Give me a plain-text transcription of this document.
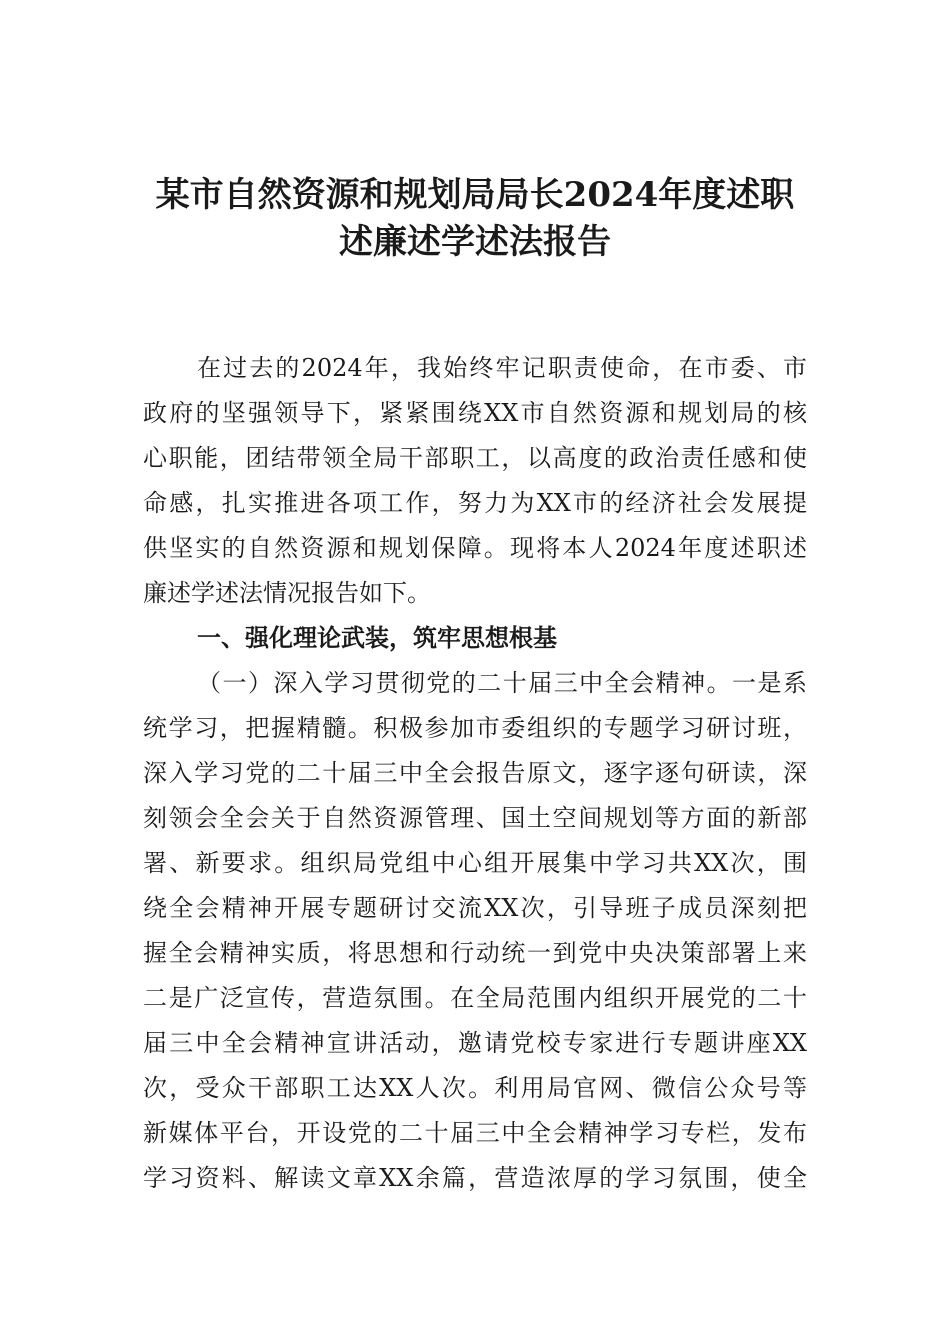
某市自然资源和规划局局长2024年度述职
述廉述学述法报告
在过去的2024年，我始终牢记职责使命，在市委、市
政府的坚强领导下，紧紧围绕XX市自然资源和规划局的核
心职能，团结带领全局干部职工，以高度的政治责任感和使
命感，扎实推进各项工作，努力为XX市的经济社会发展提
供坚实的自然资源和规划保障。现将本人2024年度述职述
廉述学述法情况报告如下。
一、强化理论武装，筑牢思想根基
（一）深入学习贯彻党的二十届三中全会精神。一是系
统学习，把握精髓。积极参加市委组织的专题学习研讨班，
深入学习党的二十届三中全会报告原文，逐字逐句研读，深
刻领会全会关于自然资源管理、国土空间规划等方面的新部
署、新要求。组织局党组中心组开展集中学习共XX次，围
绕全会精神开展专题研讨交流XX次，引导班子成员深刻把
握全会精神实质，将思想和行动统一到党中央决策部署上来
二是广泛宣传，营造氛围。在全局范围内组织开展党的二十
届三中全会精神宣讲活动，邀请党校专家进行专题讲座XX
次，受众干部职工达XX人次。利用局官网、微信公众号等
新媒体平台，开设党的二十届三中全会精神学习专栏，发布
学习资料、解读文章XX余篇，营造浓厚的学习氛围，使全
